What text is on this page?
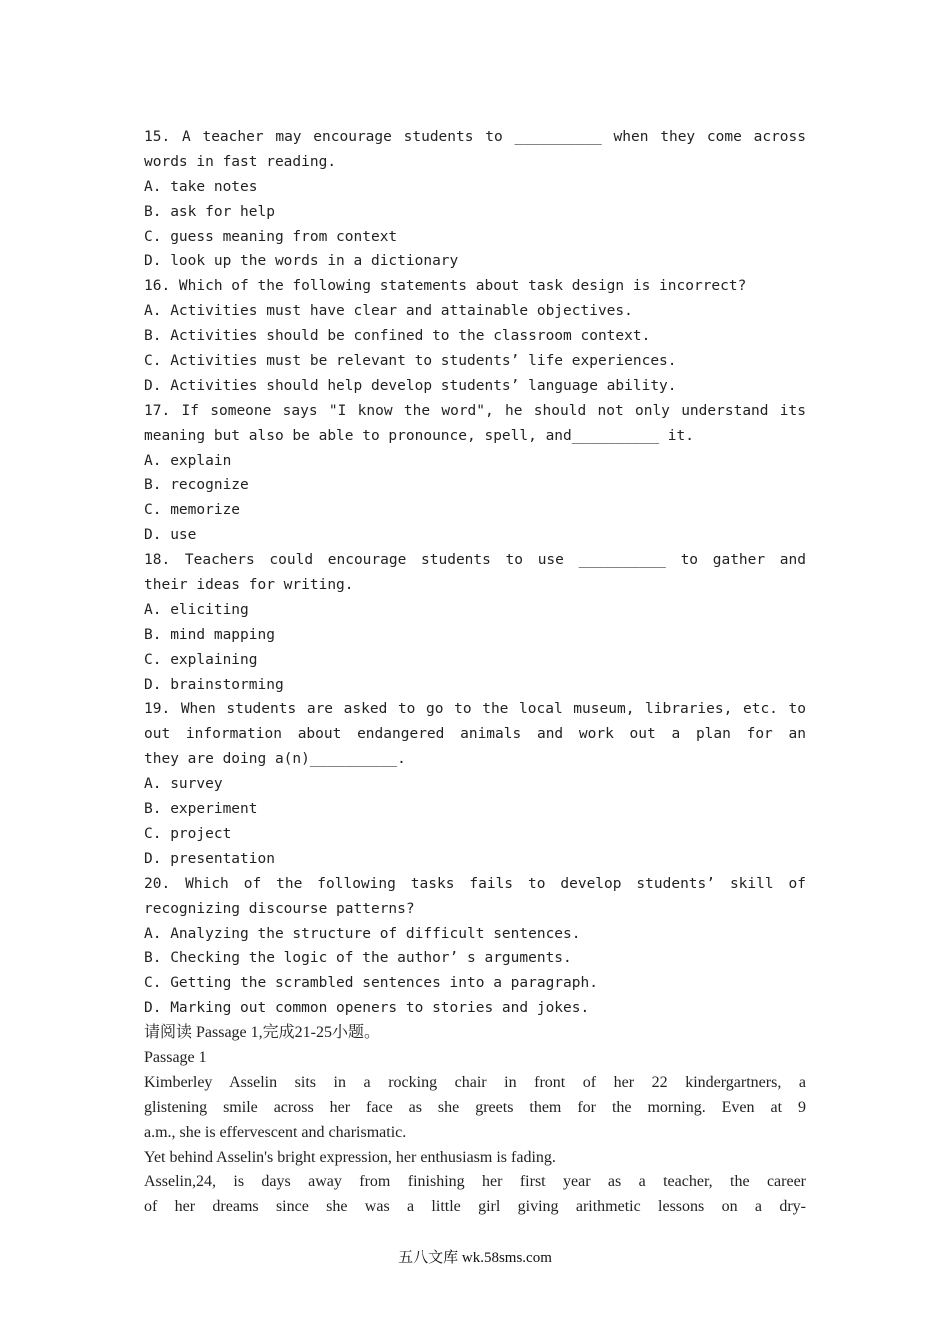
15. A teacher may encourage students to __________ when they come across
words in fast reading.
A. take notes
B. ask for help
C. guess meaning from context
D. look up the words in a dictionary
16. Which of the following statements about task design is incorrect?
A. Activities must have clear and attainable objectives.
B. Activities should be confined to the classroom context.
C. Activities must be relevant to students’ life experiences.
D. Activities should help develop students’ language ability.
17. If someone says "I know the word", he should not only understand its
meaning but also be able to pronounce, spell, and__________ it.
A. explain
B. recognize
C. memorize
D. use
18. Teachers could encourage students to use __________ to gather and
their ideas for writing.
A. eliciting
B. mind mapping
C. explaining
D. brainstorming
19. When students are asked to go to the local museum, libraries, etc. to
out information about endangered animals and work out a plan for an
they are doing a(n)__________.
A. survey
B. experiment
C. project
D. presentation
20. Which of the following tasks fails to develop students’ skill of
recognizing discourse patterns?
A. Analyzing the structure of difficult sentences.
B. Checking the logic of the author’ s arguments.
C. Getting the scrambled sentences into a paragraph.
D. Marking out common openers to stories and jokes.
请阅读 Passage 1,完成21-25小题。
Passage 1
Kimberley Asselin sits in a rocking chair in front of her 22 kindergartners, a
glistening smile across her face as she greets them for the morning. Even at 9
a.m., she is effervescent and charismatic.
Yet behind Asselin's bright expression, her enthusiasm is fading.
Asselin,24, is days away from finishing her first year as a teacher, the career
of her dreams since she was a little girl giving arithmetic lessons on a dry-
五八文库 wk.58sms.com
